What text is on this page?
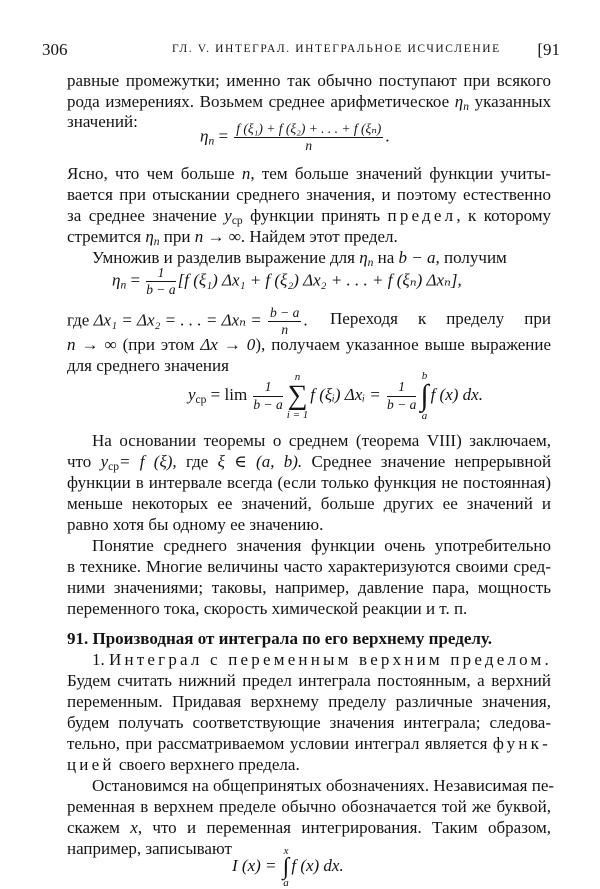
306	ГЛ. V. ИНТЕГРАЛ. ИНТЕГРАЛЬНОЕ ИСЧИСЛЕНИЕ [91
равные промежутки; именно так обычно поступают при всякого
рода измерениях. Возьмем среднее арифметическое $\eta_n$ указанных
значений:
$\eta_n = \frac{\text{f (ξ₁) + f (ξ₂) + . . . + f (ξₙ)}}{n}$ .
Ясно, что чем больше n, тем больше значений функции учиты-
вается при отыскании среднего значения, и поэтому естественно
за среднее значение $y_{ср}$ функции принять предел, к которому
стремится $\eta_n$ при n → ∞. Найдем этот предел.
Умножив и разделив выражение для $\eta_n$ на b − a, получим
$\eta_n = \frac{1}{b - a} [f$ (ξ₁) Δx₁ + f (ξ₂) Δx₂ + . . . + f (ξₙ) Δxₙ],
где Δx₁ = Δx₂ = . . . = $\Delta x_n = \frac{b - a}{n}$ . Переходя к пределу при
n → ∞ (при этом Δx → 0), получаем указанное выше выражение
для среднего значения
$y_{ср} = \lim \frac{1}{b - a}$
n
∑
i = 1
f (ξᵢ) Δxᵢ = $\frac{1}{b - a}$
b
∫
a
f (x) dx.
На основании теоремы о среднем (теорема VIII) заключаем,
что $y_{ср}= f$ (ξ), где ξ ∈ (a, b). Среднее значение непрерывной
функции в интервале всегда (если только функция не постоянная)
меньше некоторых ее значений, больше других ее значений и
равно хотя бы одному ее значению.
Понятие среднего значения функции очень употребительно
в технике. Многие величины часто характеризуются своими сред-
ними значениями; таковы, например, давление пара, мощность
переменного тока, скорость химической реакции и т. п.
91. Производная от интеграла по его верхнему пределу.
1. Интеграл с переменным верхним пределом.
Будем считать нижний предел интеграла постоянным, а верхний
переменным. Придавая верхнему пределу различные значения,
будем получать соответствующие значения интеграла; следова-
тельно, при рассматриваемом условии интеграл является функ-
цией своего верхнего предела.
Остановимся на общепринятых обозначениях. Независимая пе-
ременная в верхнем пределе обычно обозначается той же буквой,
скажем x, что и переменная интегрирования. Таким образом,
например, записывают
I (x) =
x
∫
a
f (x) dx.
